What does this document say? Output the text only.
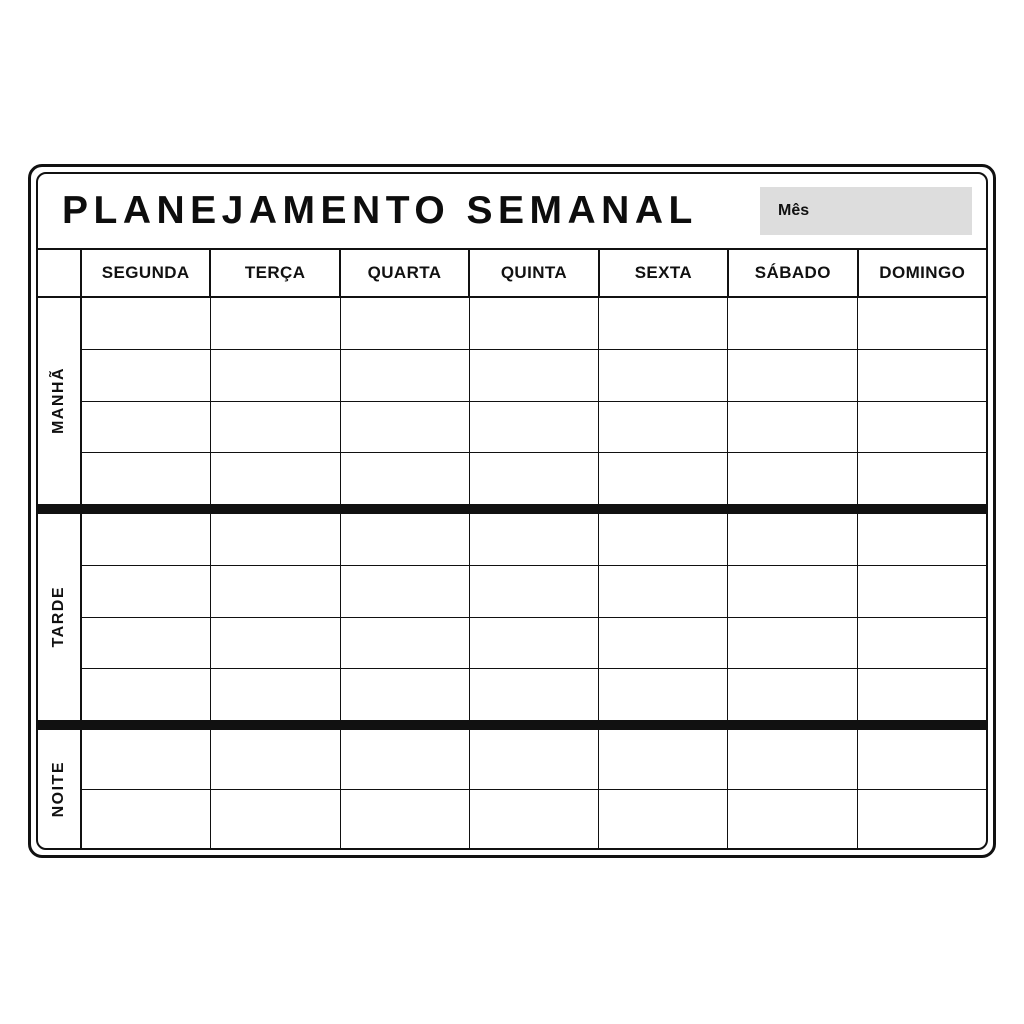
PLANEJAMENTO SEMANAL	Mês
SEGUNDA	TERÇA	QUARTA	QUINTA	SEXTA	SÁBADO	DOMINGO
MANHÃ
TARDE
NOITE
